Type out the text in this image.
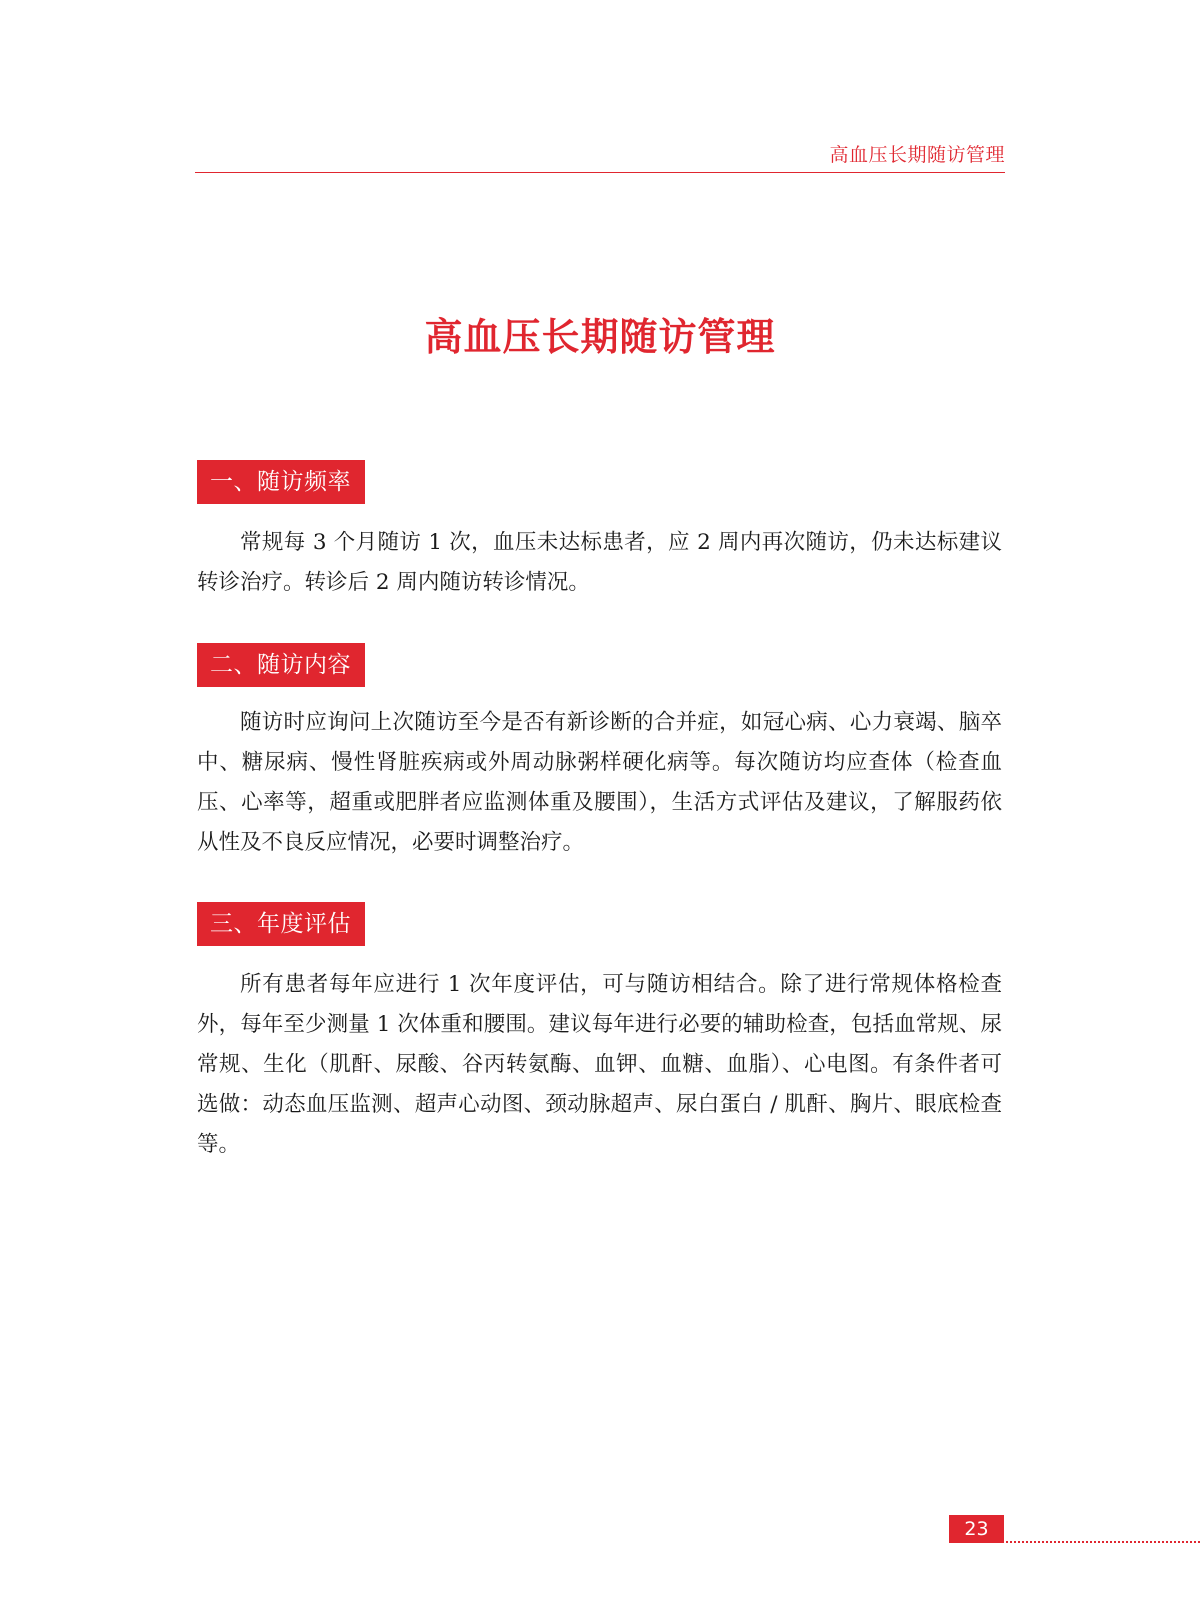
高血压长期随访管理
高血压长期随访管理
一、随访频率

常规每 3 个月随访 1 次，血压未达标患者，应 2 周内再次随访，仍未达标建议转诊治疗。转诊后 2 周内随访转诊情况。

二、随访内容

随访时应询问上次随访至今是否有新诊断的合并症，如冠心病、心力衰竭、脑卒中、糖尿病、慢性肾脏疾病或外周动脉粥样硬化病等。每次随访均应查体（检查血压、心率等，超重或肥胖者应监测体重及腰围），生活方式评估及建议，了解服药依从性及不良反应情况，必要时调整治疗。

三、年度评估

所有患者每年应进行 1 次年度评估，可与随访相结合。除了进行常规体格检查外，每年至少测量 1 次体重和腰围。建议每年进行必要的辅助检查，包括血常规、尿常规、生化（肌酐、尿酸、谷丙转氨酶、血钾、血糖、血脂）、心电图。有条件者可选做：动态血压监测、超声心动图、颈动脉超声、尿白蛋白 / 肌酐、胸片、眼底检查等。

23
